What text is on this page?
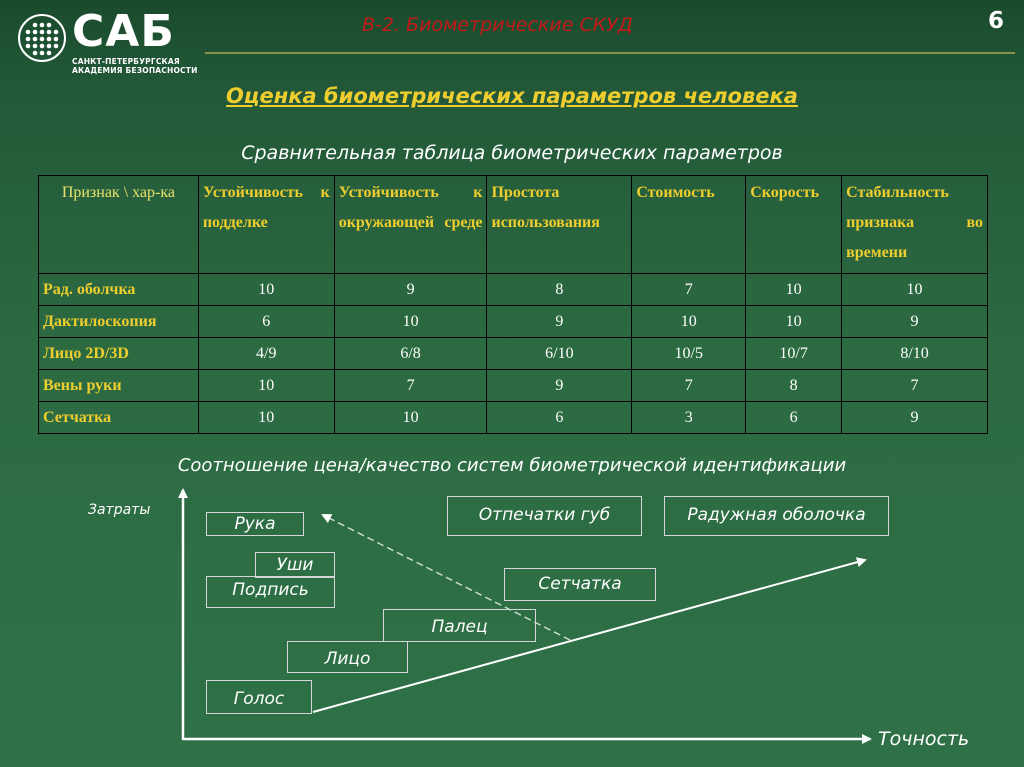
САБ
САНКТ-ПЕТЕРБУРГСКАЯ
АКАДЕМИЯ БЕЗОПАСНОСТИ
В-2. Биометрические СКУД	6
Оценка биометрических параметров человека
Сравнительная таблица биометрических параметров
Признак \ хар-ка	Устойчивость к подделке	Устойчивость к окружающей среде	Простота использования	Стоимость	Скорость	Стабильность признака во времени
Рад. оболчка	10	9	8	7	10	10
Дактилоскопия	6	10	9	10	10	9
Лицо 2D/3D	4/9	6/8	6/10	10/5	10/7	8/10
Вены руки	10	7	9	7	8	7
Сетчатка	10	10	6	3	6	9
Соотношение цена/качество систем биометрической идентификации
Затраты
Точность
Рука
Уши
Подпись
Отпечатки губ	Радужная оболочка
Сетчатка
Палец
Лицо
Голос
